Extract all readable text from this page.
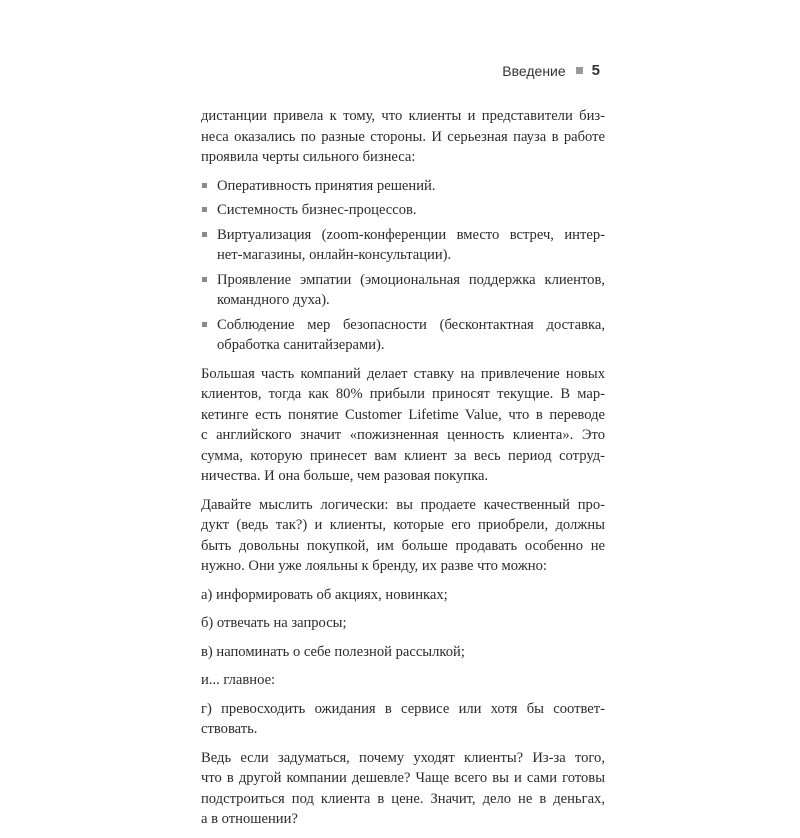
Введение 5

дистанции привела к тому, что клиенты и представители биз-
неса оказались по разные стороны. И серьезная пауза в работе
проявила черты сильного бизнеса:

Оперативность принятия решений.
Системность бизнес-процессов.
Виртуализация (zoom-конференции вместо встреч, интер-
нет-магазины, онлайн-консультации).
Проявление эмпатии (эмоциональная поддержка клиентов,
командного духа).
Соблюдение мер безопасности (бесконтактная доставка,
обработка санитайзерами).

Большая часть компаний делает ставку на привлечение новых
клиентов, тогда как 80% прибыли приносят текущие. В мар-
кетинге есть понятие Customer Lifetime Value, что в переводе
с английского значит «пожизненная ценность клиента». Это
сумма, которую принесет вам клиент за весь период сотруд-
ничества. И она больше, чем разовая покупка.

Давайте мыслить логически: вы продаете качественный про-
дукт (ведь так?) и клиенты, которые его приобрели, должны
быть довольны покупкой, им больше продавать особенно не
нужно. Они уже лояльны к бренду, их разве что можно:

а) информировать об акциях, новинках;

б) отвечать на запросы;

в) напоминать о себе полезной рассылкой;

и... главное:

г) превосходить ожидания в сервисе или хотя бы соответ-
ствовать.

Ведь если задуматься, почему уходят клиенты? Из-за того,
что в другой компании дешевле? Чаще всего вы и сами готовы
подстроиться под клиента в цене. Значит, дело не в деньгах,
а в отношении?
